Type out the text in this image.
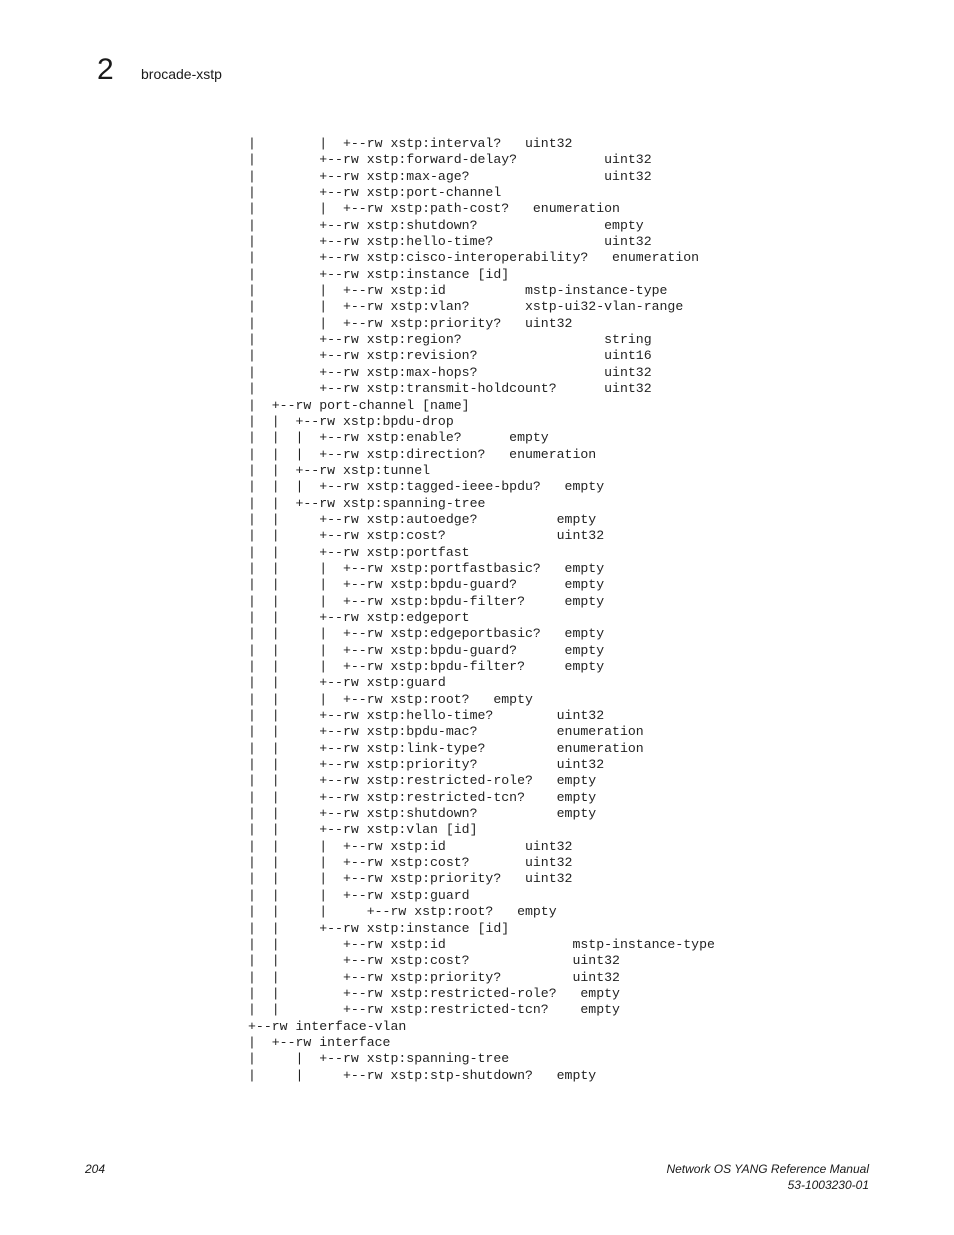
2 brocade-xstp
|        |  +--rw xstp:interval?   uint32
|        +--rw xstp:forward-delay?           uint32
|        +--rw xstp:max-age?                 uint32
|        +--rw xstp:port-channel
|        |  +--rw xstp:path-cost?   enumeration
|        +--rw xstp:shutdown?                empty
|        +--rw xstp:hello-time?              uint32
|        +--rw xstp:cisco-interoperability?   enumeration
|        +--rw xstp:instance [id]
|        |  +--rw xstp:id          mstp-instance-type
|        |  +--rw xstp:vlan?       xstp-ui32-vlan-range
|        |  +--rw xstp:priority?   uint32
|        +--rw xstp:region?                  string
|        +--rw xstp:revision?                uint16
|        +--rw xstp:max-hops?                uint32
|        +--rw xstp:transmit-holdcount?      uint32
|  +--rw port-channel [name]
|  |  +--rw xstp:bpdu-drop
|  |  |  +--rw xstp:enable?      empty
|  |  |  +--rw xstp:direction?   enumeration
|  |  +--rw xstp:tunnel
|  |  |  +--rw xstp:tagged-ieee-bpdu?   empty
|  |  +--rw xstp:spanning-tree
|  |     +--rw xstp:autoedge?          empty
|  |     +--rw xstp:cost?              uint32
|  |     +--rw xstp:portfast
|  |     |  +--rw xstp:portfastbasic?   empty
|  |     |  +--rw xstp:bpdu-guard?      empty
|  |     |  +--rw xstp:bpdu-filter?     empty
|  |     +--rw xstp:edgeport
|  |     |  +--rw xstp:edgeportbasic?   empty
|  |     |  +--rw xstp:bpdu-guard?      empty
|  |     |  +--rw xstp:bpdu-filter?     empty
|  |     +--rw xstp:guard
|  |     |  +--rw xstp:root?   empty
|  |     +--rw xstp:hello-time?        uint32
|  |     +--rw xstp:bpdu-mac?          enumeration
|  |     +--rw xstp:link-type?         enumeration
|  |     +--rw xstp:priority?          uint32
|  |     +--rw xstp:restricted-role?   empty
|  |     +--rw xstp:restricted-tcn?    empty
|  |     +--rw xstp:shutdown?          empty
|  |     +--rw xstp:vlan [id]
|  |     |  +--rw xstp:id          uint32
|  |     |  +--rw xstp:cost?       uint32
|  |     |  +--rw xstp:priority?   uint32
|  |     |  +--rw xstp:guard
|  |     |     +--rw xstp:root?   empty
|  |     +--rw xstp:instance [id]
|  |        +--rw xstp:id                mstp-instance-type
|  |        +--rw xstp:cost?             uint32
|  |        +--rw xstp:priority?         uint32
|  |        +--rw xstp:restricted-role?   empty
|  |        +--rw xstp:restricted-tcn?    empty
+--rw interface-vlan
|  +--rw interface
|     |  +--rw xstp:spanning-tree
|     |     +--rw xstp:stp-shutdown?   empty
204	Network OS YANG Reference Manual
53-1003230-01
